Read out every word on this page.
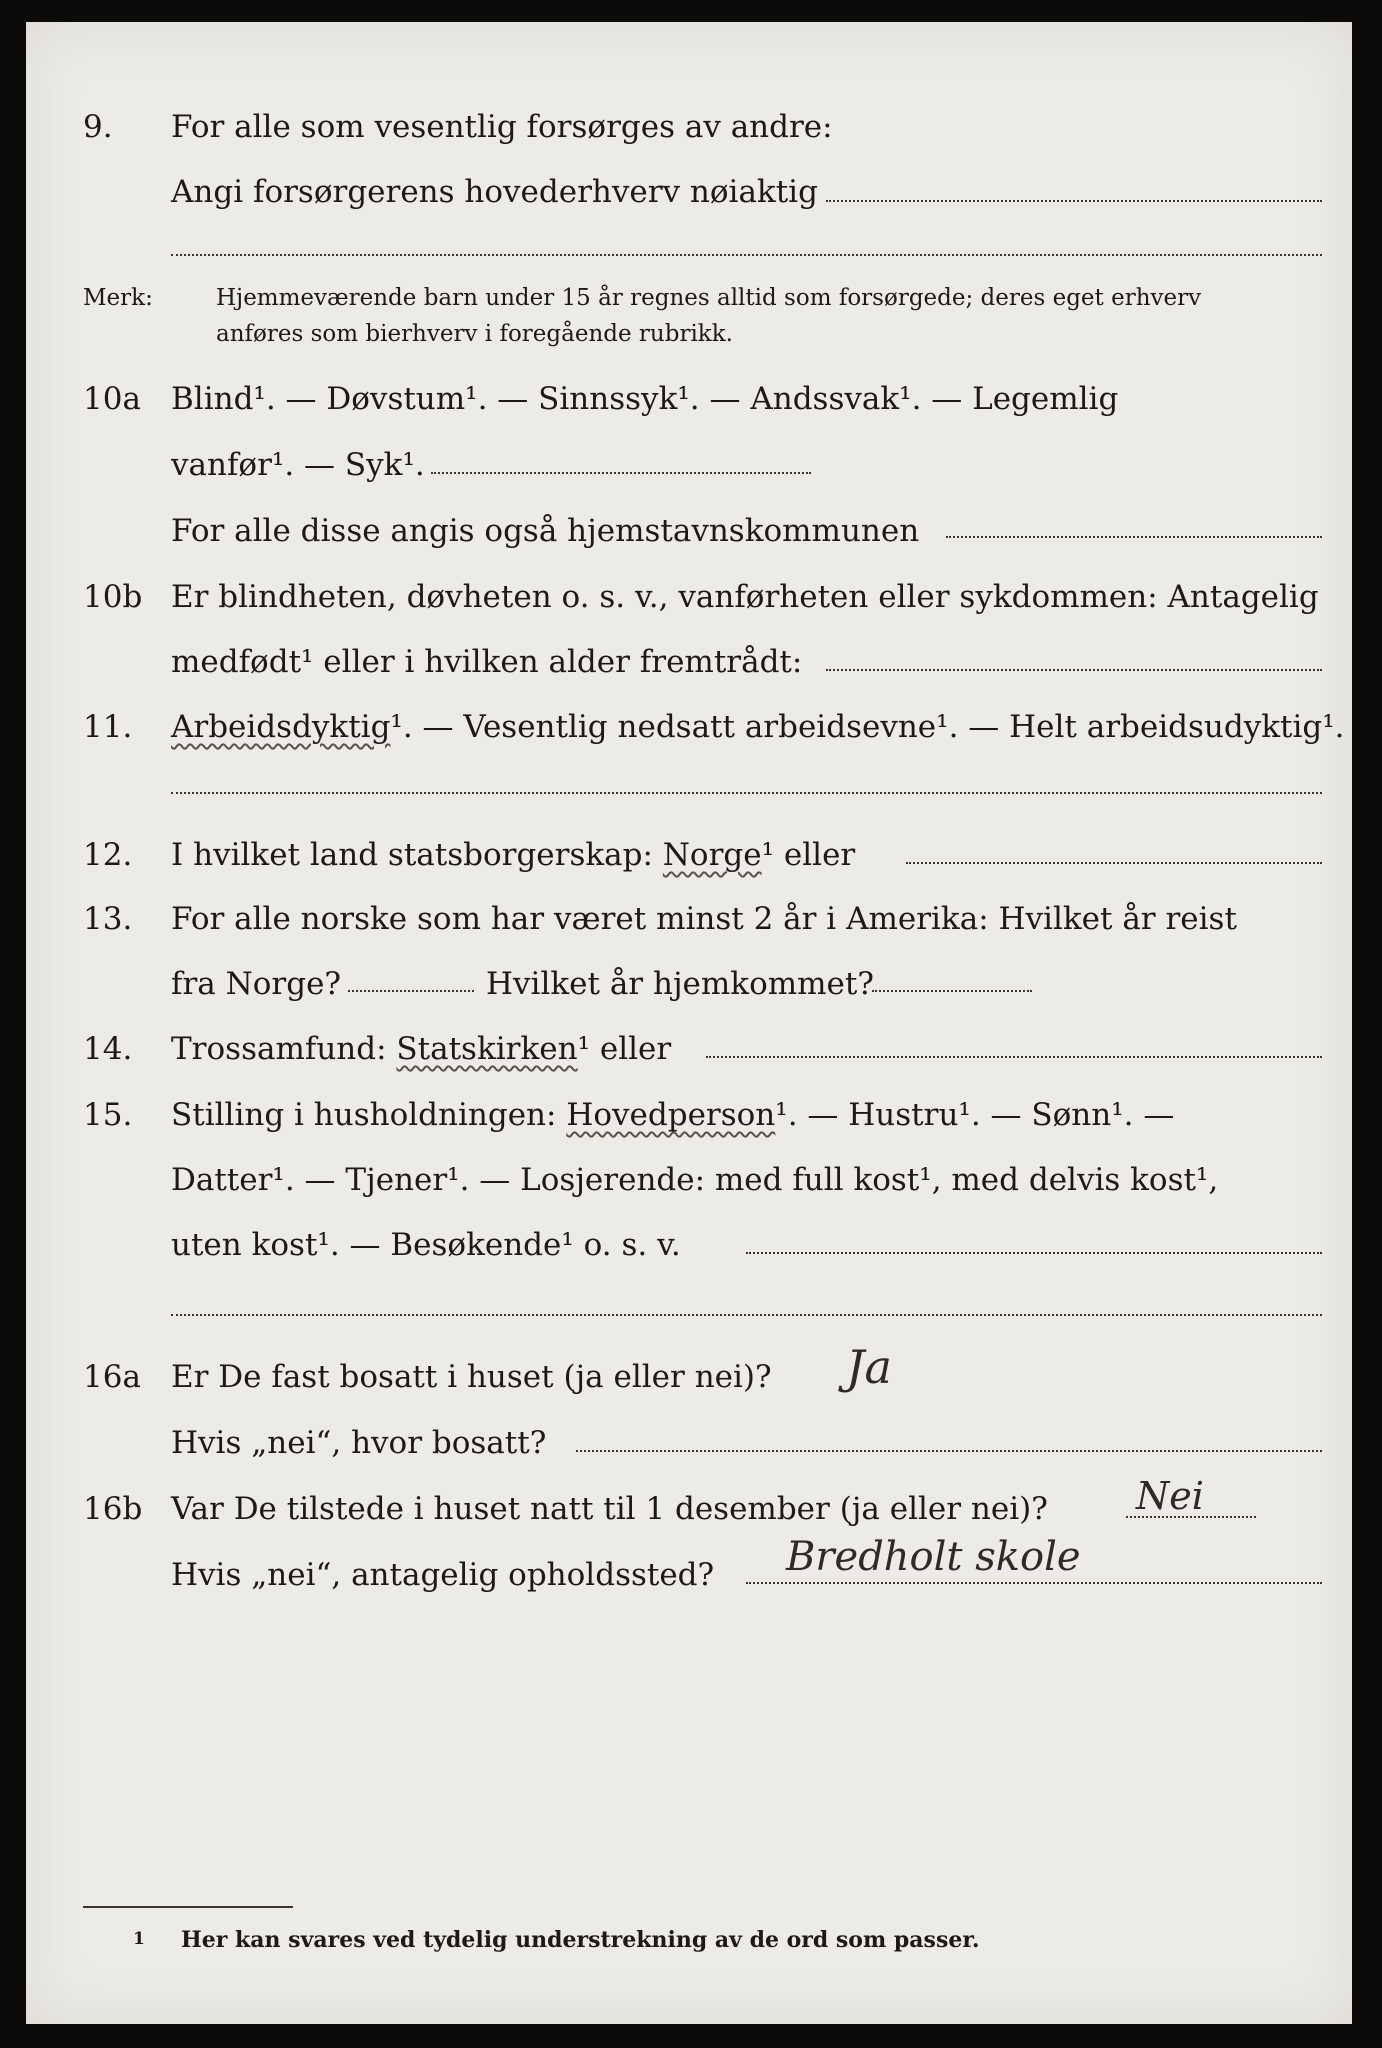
9. For alle som vesentlig forsørges av andre:
Angi forsørgerens hovederhverv nøiaktig
Merk:	Hjemmeværende barn under 15 år regnes alltid som forsørgede; deres eget erhverv
anføres som bierhverv i foregående rubrikk.
10a Blind¹. — Døvstum¹. — Sinnssyk¹. — Andssvak¹. — Legemlig
vanfør¹. — Syk¹.
For alle disse angis også hjemstavnskommunen
10b Er blindheten, døvheten o. s. v., vanførheten eller sykdommen: Antagelig
medfødt¹ eller i hvilken alder fremtrådt:
11. Arbeidsdyktig¹. — Vesentlig nedsatt arbeidsevne¹. — Helt arbeidsudyktig¹.
12. I hvilket land statsborgerskap: Norge¹ eller
13. For alle norske som har været minst 2 år i Amerika: Hvilket år reist
fra Norge?	Hvilket år hjemkommet?
14. Trossamfund: Statskirken¹ eller
15. Stilling i husholdningen: Hovedperson¹. — Hustru¹. — Sønn¹. —
Datter¹. — Tjener¹. — Losjerende: med full kost¹, med delvis kost¹,
uten kost¹. — Besøkende¹ o. s. v.
16a Er De fast bosatt i huset (ja eller nei)? Ja
Hvis „nei“, hvor bosatt?
16b Var De tilstede i huset natt til 1 desember (ja eller nei)? Nei
Hvis „nei“, antagelig opholdssted? Bredholt skole
1 Her kan svares ved tydelig understrekning av de ord som passer.
